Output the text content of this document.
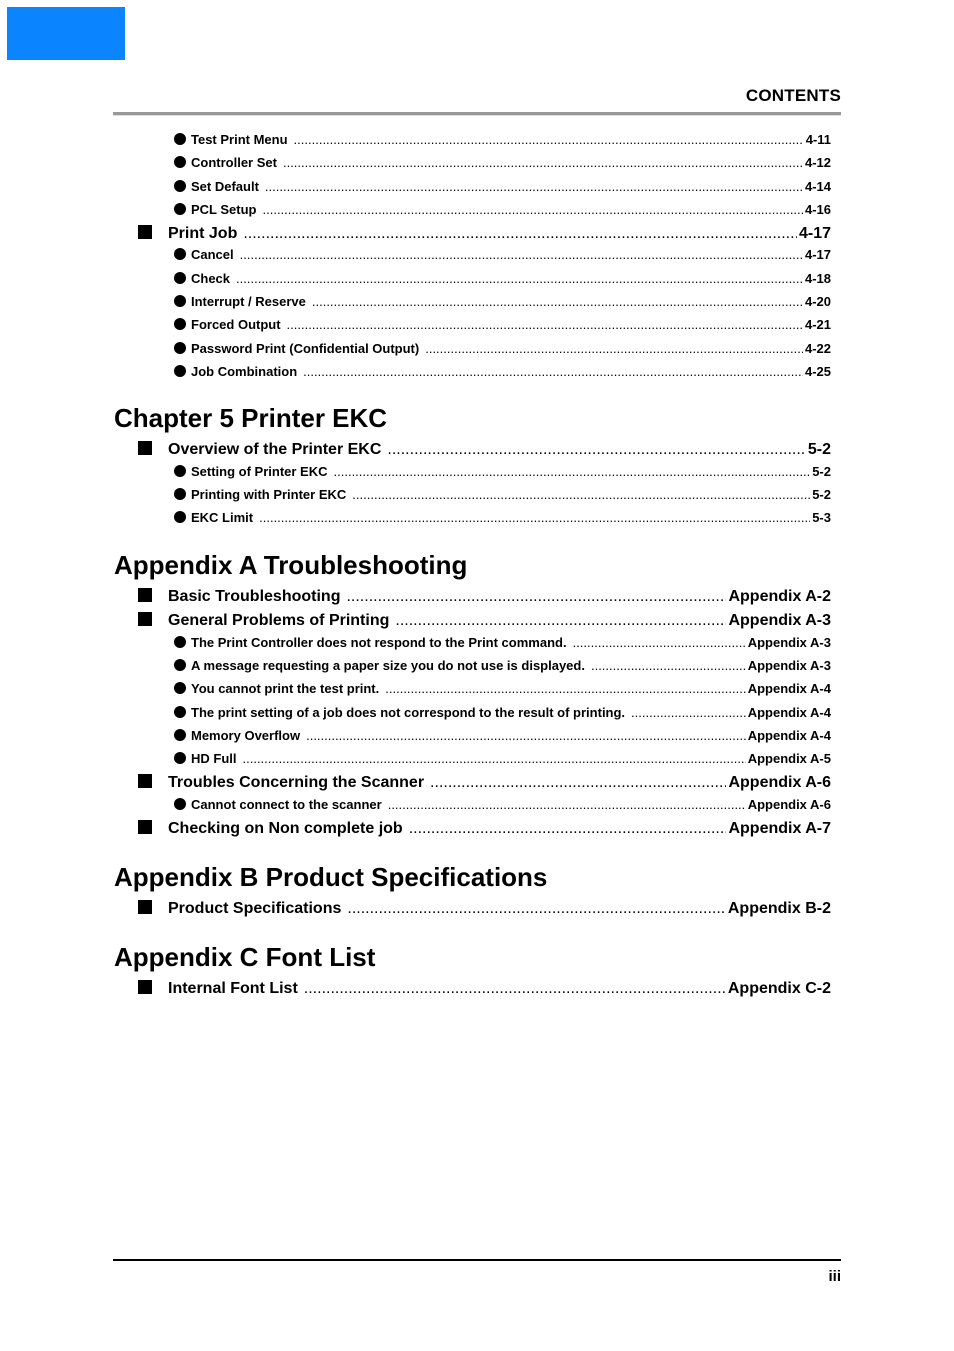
CONTENTS
Test Print Menu .....	4-11
Controller Set .....	4-12
Set Default .....	4-14
PCL Setup .....	4-16
Print Job .....	4-17
Cancel .....	4-17
Check .....	4-18
Interrupt / Reserve .....	4-20
Forced Output .....	4-21
Password Print (Confidential Output) .....	4-22
Job Combination .....	4-25
Chapter 5 Printer EKC
Overview of the Printer EKC .....	5-2
Setting of Printer EKC .....	5-2
Printing with Printer EKC .....	5-2
EKC Limit .....	5-3
Appendix A Troubleshooting
Basic Troubleshooting .....	Appendix A-2
General Problems of Printing .....	Appendix A-3
The Print Controller does not respond to the Print command. .....	Appendix A-3
A message requesting a paper size you do not use is displayed. .....	Appendix A-3
You cannot print the test print. .....	Appendix A-4
The print setting of a job does not correspond to the result of printing. .....	Appendix A-4
Memory Overflow .....	Appendix A-4
HD Full .....	Appendix A-5
Troubles Concerning the Scanner .....	Appendix A-6
Cannot connect to the scanner .....	Appendix A-6
Checking on Non complete job .....	Appendix A-7
Appendix B Product Specifications
Product Specifications .....	Appendix B-2
Appendix C Font List
Internal Font List .....	Appendix C-2
iii
